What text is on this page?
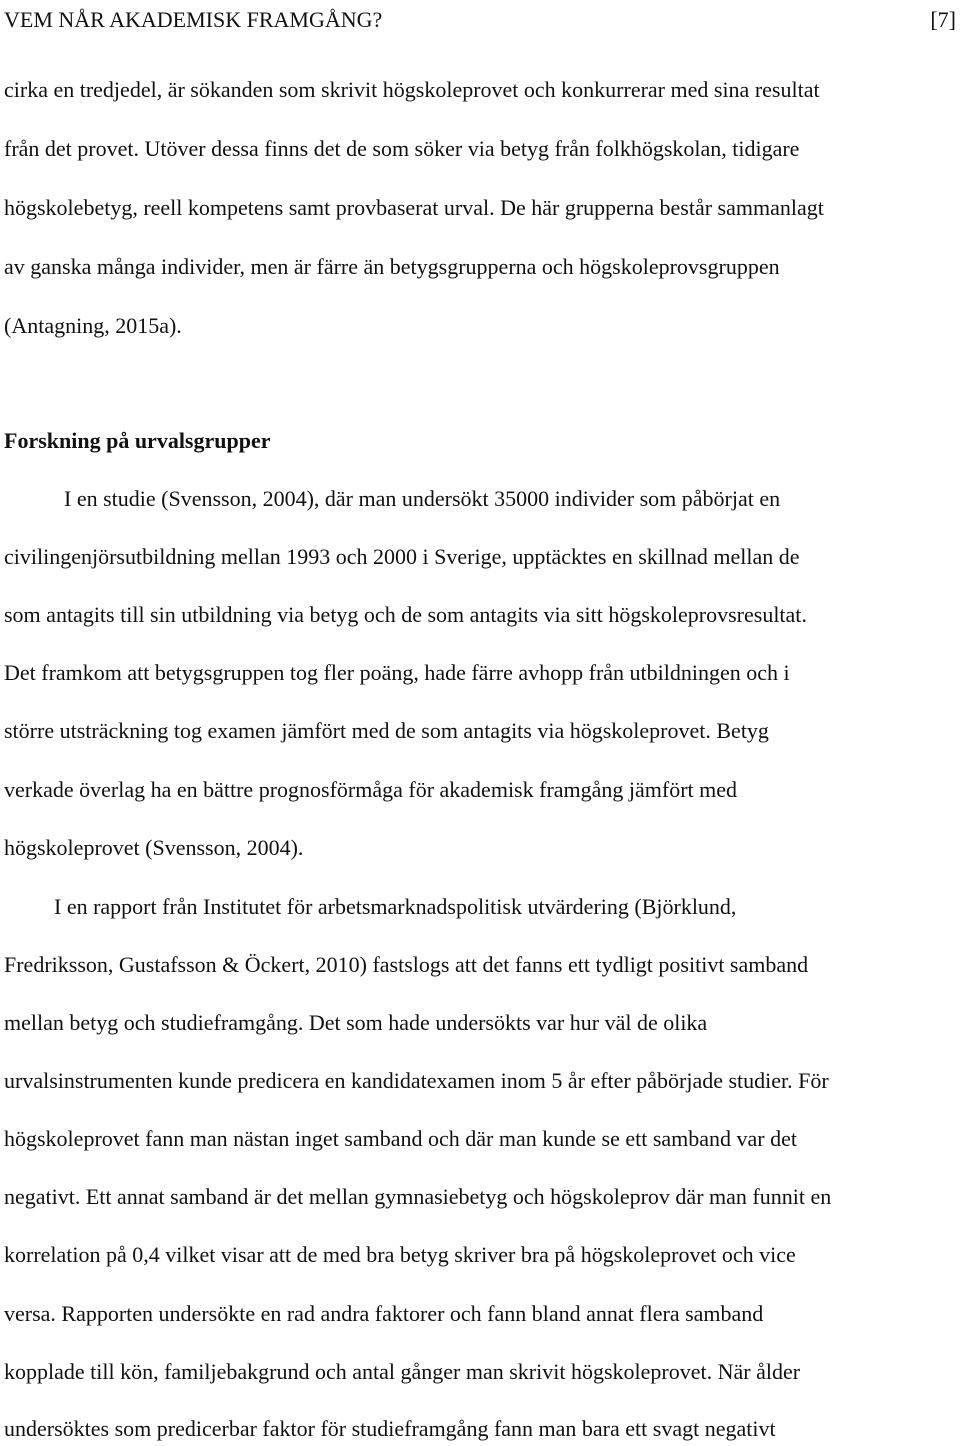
VEM NÅR AKADEMISK FRAMGÅNG?	[7]
cirka en tredjedel, är sökanden som skrivit högskoleprovet och konkurrerar med sina resultat
från det provet. Utöver dessa finns det de som söker via betyg från folkhögskolan, tidigare
högskolebetyg, reell kompetens samt provbaserat urval. De här grupperna består sammanlagt
av ganska många individer, men är färre än betygsgrupperna och högskoleprovsgruppen
(Antagning, 2015a).
Forskning på urvalsgrupper
I en studie (Svensson, 2004), där man undersökt 35000 individer som påbörjat en
civilingenjörsutbildning mellan 1993 och 2000 i Sverige, upptäcktes en skillnad mellan de
som antagits till sin utbildning via betyg och de som antagits via sitt högskoleprovsresultat.
Det framkom att betygsgruppen tog fler poäng, hade färre avhopp från utbildningen och i
större utsträckning tog examen jämfört med de som antagits via högskoleprovet. Betyg
verkade överlag ha en bättre prognosförmåga för akademisk framgång jämfört med
högskoleprovet (Svensson, 2004).
I en rapport från Institutet för arbetsmarknadspolitisk utvärdering (Björklund,
Fredriksson, Gustafsson & Öckert, 2010) fastslogs att det fanns ett tydligt positivt samband
mellan betyg och studieframgång. Det som hade undersökts var hur väl de olika
urvalsinstrumenten kunde predicera en kandidatexamen inom 5 år efter påbörjade studier. För
högskoleprovet fann man nästan inget samband och där man kunde se ett samband var det
negativt. Ett annat samband är det mellan gymnasiebetyg och högskoleprov där man funnit en
korrelation på 0,4 vilket visar att de med bra betyg skriver bra på högskoleprovet och vice
versa. Rapporten undersökte en rad andra faktorer och fann bland annat flera samband
kopplade till kön, familjebakgrund och antal gånger man skrivit högskoleprovet. När ålder
undersöktes som predicerbar faktor för studieframgång fann man bara ett svagt negativt
